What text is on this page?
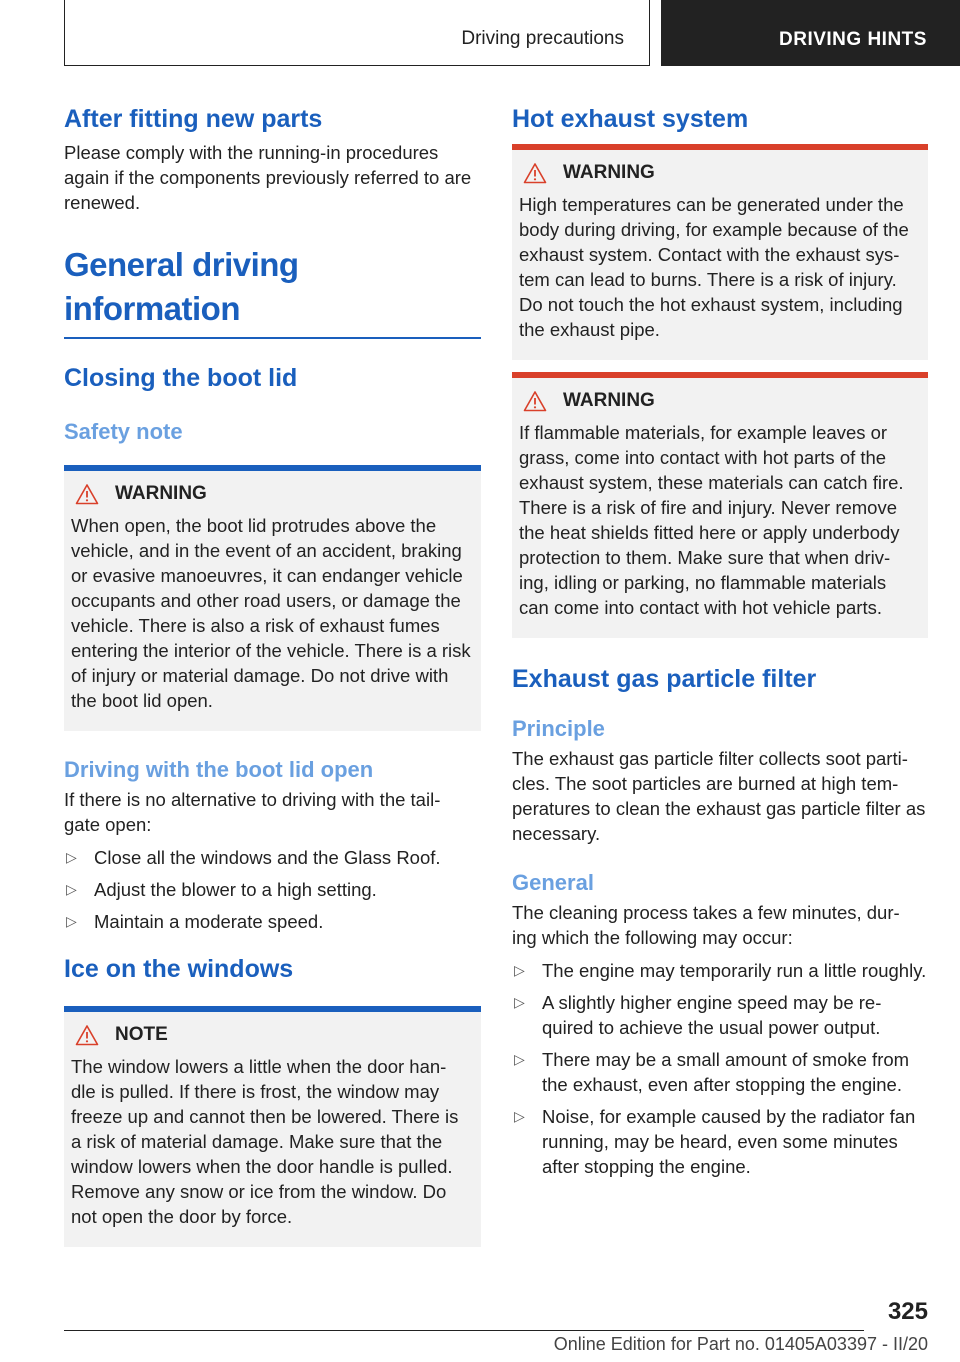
Driving precautions	DRIVING HINTS
After fitting new parts

Please comply with the running-in procedures again if the components previously referred to are renewed.

General driving information
Closing the boot lid
Safety note
WARNING

When open, the boot lid protrudes above the vehicle, and in the event of an accident, braking or evasive manoeuvres, it can endanger vehicle occupants and other road users, or damage the vehicle. There is also a risk of exhaust fumes entering the interior of the vehicle. There is a risk of injury or material damage. Do not drive with the boot lid open.

Driving with the boot lid open

If there is no alternative to driving with the tail- gate open:

▷ Close all the windows and the Glass Roof.
▷ Adjust the blower to a high setting.
▷ Maintain a moderate speed.
Ice on the windows
NOTE

The window lowers a little when the door han- dle is pulled. If there is frost, the window may freeze up and cannot then be lowered. There is a risk of material damage. Make sure that the window lowers when the door handle is pulled. Remove any snow or ice from the window. Do not open the door by force.

Hot exhaust system
WARNING

High temperatures can be generated under the body during driving, for example because of the exhaust system. Contact with the exhaust sys- tem can lead to burns. There is a risk of injury. Do not touch the hot exhaust system, including the exhaust pipe.

WARNING

If flammable materials, for example leaves or grass, come into contact with hot parts of the exhaust system, these materials can catch fire. There is a risk of fire and injury. Never remove the heat shields fitted here or apply underbody protection to them. Make sure that when driv- ing, idling or parking, no flammable materials can come into contact with hot vehicle parts.

Exhaust gas particle filter
Principle

The exhaust gas particle filter collects soot parti- cles. The soot particles are burned at high tem- peratures to clean the exhaust gas particle filter as necessary.

General

The cleaning process takes a few minutes, dur- ing which the following may occur:

▷ The engine may temporarily run a little roughly.
▷ A slightly higher engine speed may be re- quired to achieve the usual power output.
▷ There may be a small amount of smoke from the exhaust, even after stopping the engine.
▷ Noise, for example caused by the radiator fan running, may be heard, even some minutes after stopping the engine.
325
Online Edition for Part no. 01405A03397 - II/20
